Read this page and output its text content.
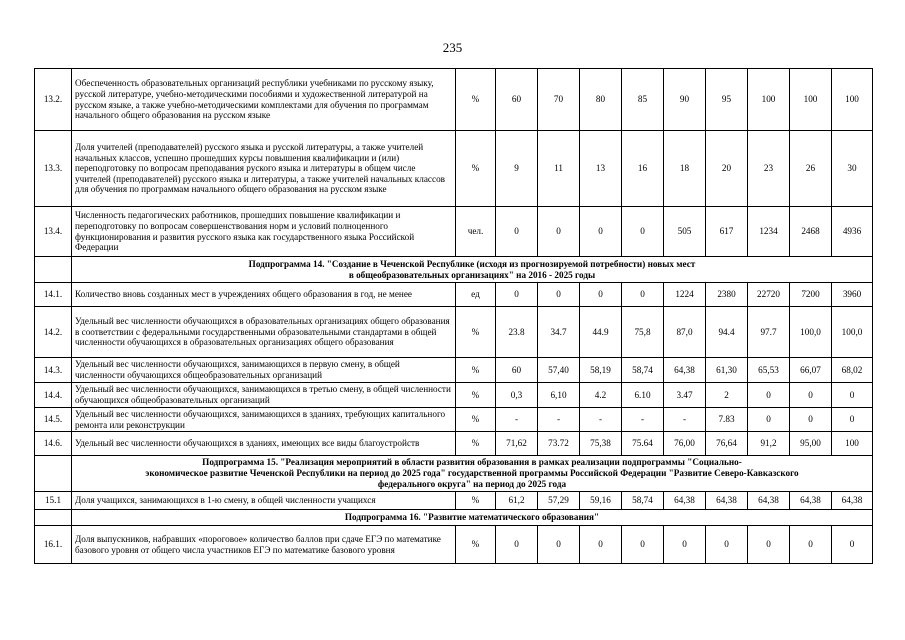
235
13.2.	Обеспеченность образовательных организаций республики учебниками по русскому языку, русской литературе, учебно-методическими пособиями и художественной литературой на русском языке, а также учебно-методическими комплектами для обучения по программам начального общего образования на русском языке	%	60	70	80	85	90	95	100	100	100
13.3.	Доля учителей (преподавателей) русского языка и русской литературы, а также учителей начальных классов, успешно прошедших курсы повышения квалификации и (или) переподготовку по вопросам преподавания руского языка и литературы в общем числе учителей (преподавателей) русского языка и литературы, а также учителей начальных классов для обучения по программам начального общего образования на русском языке	%	9	11	13	16	18	20	23	26	30
13.4.	Численность педагогических работников, прошедших повышение квалификации и переподготовку по вопросам совершенствования норм и условий полноценного функционирования и развития русского языка как государственного языка Российской Федерации	чел.	0	0	0	0	505	617	1234	2468	4936

	Подпрограмма 14. "Создание в Чеченской Республике (исходя из прогнозируемой потребности) новых мест
в общеобразовательных организациях" на 2016 - 2025 годы										

14.1.	Количество вновь созданных мест в учреждениях общего образования в год, не менее	ед	0	0	0	0	1224	2380	22720	7200	3960
14.2.	Удельный вес численности обучающихся в образовательных организациях общего образования в соответствии с федеральными государственными образовательными стандартами в общей численности обучающихся в образовательных организациях общего образования	%	23.8	34.7	44.9	75,8	87,0	94.4	97.7	100,0	100,0
14.3.	Удельный вес численности обучающихся, занимающихся в первую смену, в общей численности обучающихся общеобразовательных организаций	%	60	57,40	58,19	58,74	64,38	61,30	65,53	66,07	68,02
14.4.	Удельный вес численности обучающихся, занимающихся в третью смену, в общей численности обучающихся общеобразовательных организаций	%	0,3	6,10	4.2	6.10	3.47	2	0	0	0
14.5.	Удельный вес численности обучающихся, занимающихся в зданиях, требующих капитального ремонта или реконструкции	%	-	-	-	-	-	7.83	0	0	0
14.6.	Удельный вес численности обучающихся в зданиях, имеющих все виды благоустройств	%	71,62	73.72	75,38	75.64	76,00	76,64	91,2	95,00	100

	Подпрограмма 15. "Реализация мероприятий в области развития образования в рамках реализации подпрограммы "Социально-
экономическое развитие Чеченской Республики на период до 2025 года" государственной программы Российской Федерации "Развитие Северо-Кавказского
федерального округа" на период до 2025 года										

15.1	Доля учащихся, занимающихся в 1-ю смену, в общей численности учащихся	%	61,2	57,29	59,16	58,74	64,38	64,38	64,38	64,38	64,38

	Подпрограмма 16. "Развитие математического образования"										

16.1.	Доля выпускников, набравших «пороговое» количество баллов при сдаче ЕГЭ по математике базового уровня от общего числа участников ЕГЭ по математике базового уровня	%	0	0	0	0	0	0	0	0	0
